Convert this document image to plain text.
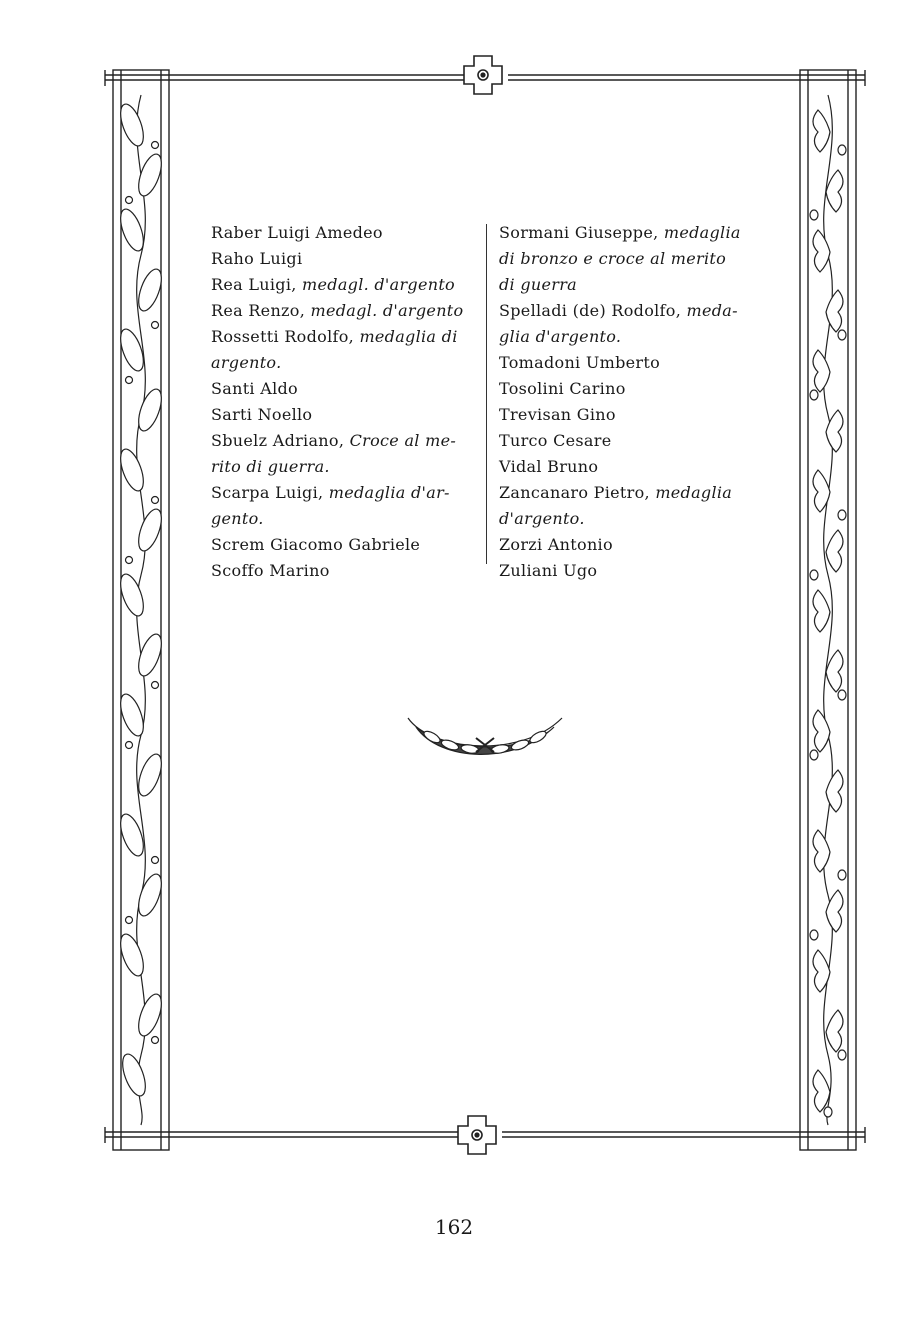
Raber Luigi Amedeo

Raho Luigi

Rea Luigi, medagl. d'argento

Rea Renzo, medagl. d'argento

Rossetti Rodolfo, medaglia di
argento.

Santi Aldo

Sarti Noello

Sbuelz Adriano, Croce al me-
rito di guerra.

Scarpa Luigi, medaglia d'ar-
gento.

Screm Giacomo Gabriele

Scoffo Marino

Sormani Giuseppe, medaglia
di bronzo e croce al merito
di guerra

Spelladi (de) Rodolfo, meda-
glia d'argento.

Tomadoni Umberto

Tosolini Carino

Trevisan Gino

Turco Cesare

Vidal Bruno

Zancanaro Pietro, medaglia
d'argento.

Zorzi Antonio

Zuliani Ugo

162
